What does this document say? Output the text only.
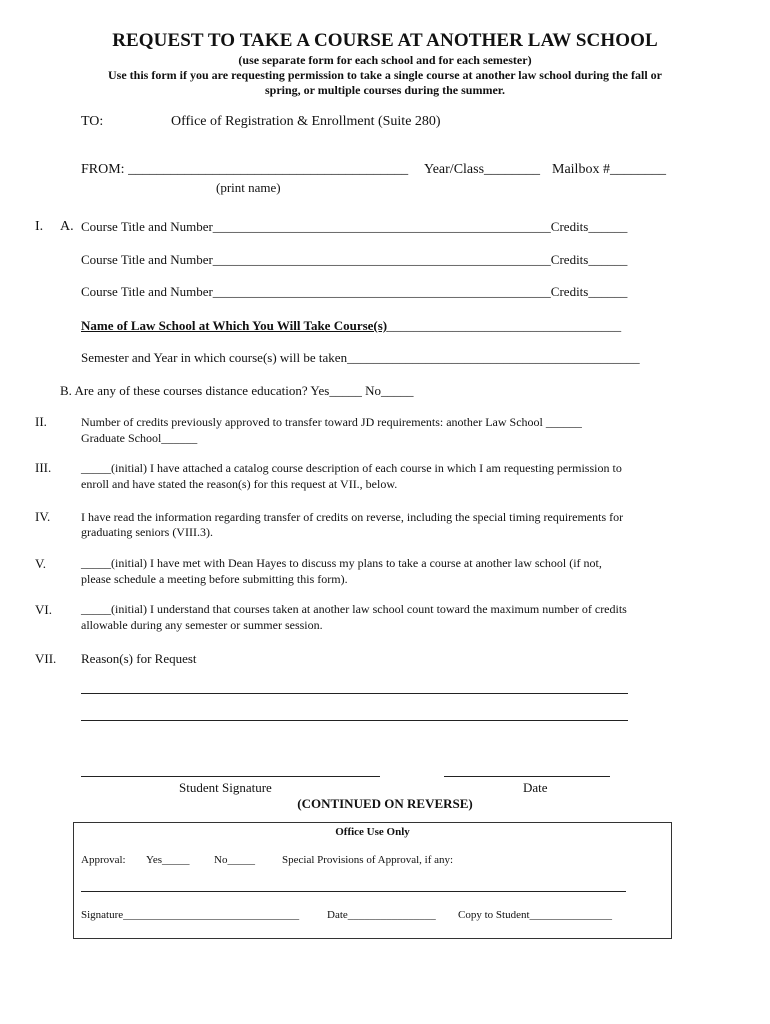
REQUEST TO TAKE A COURSE AT ANOTHER LAW SCHOOL
(use separate form for each school and for each semester)
Use this form if you are requesting permission to take a single course at another law school during the fall or
spring, or multiple courses during the summer.
TO:	Office of Registration & Enrollment (Suite 280)
FROM: ________________________________________ Year/Class________ Mailbox #________
(print name)
I. A. Course Title and Number____________________________________________________Credits______
Course Title and Number____________________________________________________Credits______
Course Title and Number____________________________________________________Credits______
Name of Law School at Which You Will Take Course(s)____________________________________
Semester and Year in which course(s) will be taken_____________________________________________
B. Are any of these courses distance education? Yes_____ No_____
II.	Number of credits previously approved to transfer toward JD requirements: another Law School ______
Graduate School______
III. _____(initial) I have attached a catalog course description of each course in which I am requesting permission to
enroll and have stated the reason(s) for this request at VII., below.
IV.	I have read the information regarding transfer of credits on reverse, including the special timing requirements for
graduating seniors (VIII.3).
V.	_____(initial) I have met with Dean Hayes to discuss my plans to take a course at another law school (if not,
please schedule a meeting before submitting this form).
VI. _____(initial) I understand that courses taken at another law school count toward the maximum number of credits
allowable during any semester or summer session.
VII. Reason(s) for Request
Student Signature	Date
(CONTINUED ON REVERSE)
Office Use Only
Approval: Yes_____ No_____ Special Provisions of Approval, if any:
Signature________________________________	Date________________ Copy to Student_______________
